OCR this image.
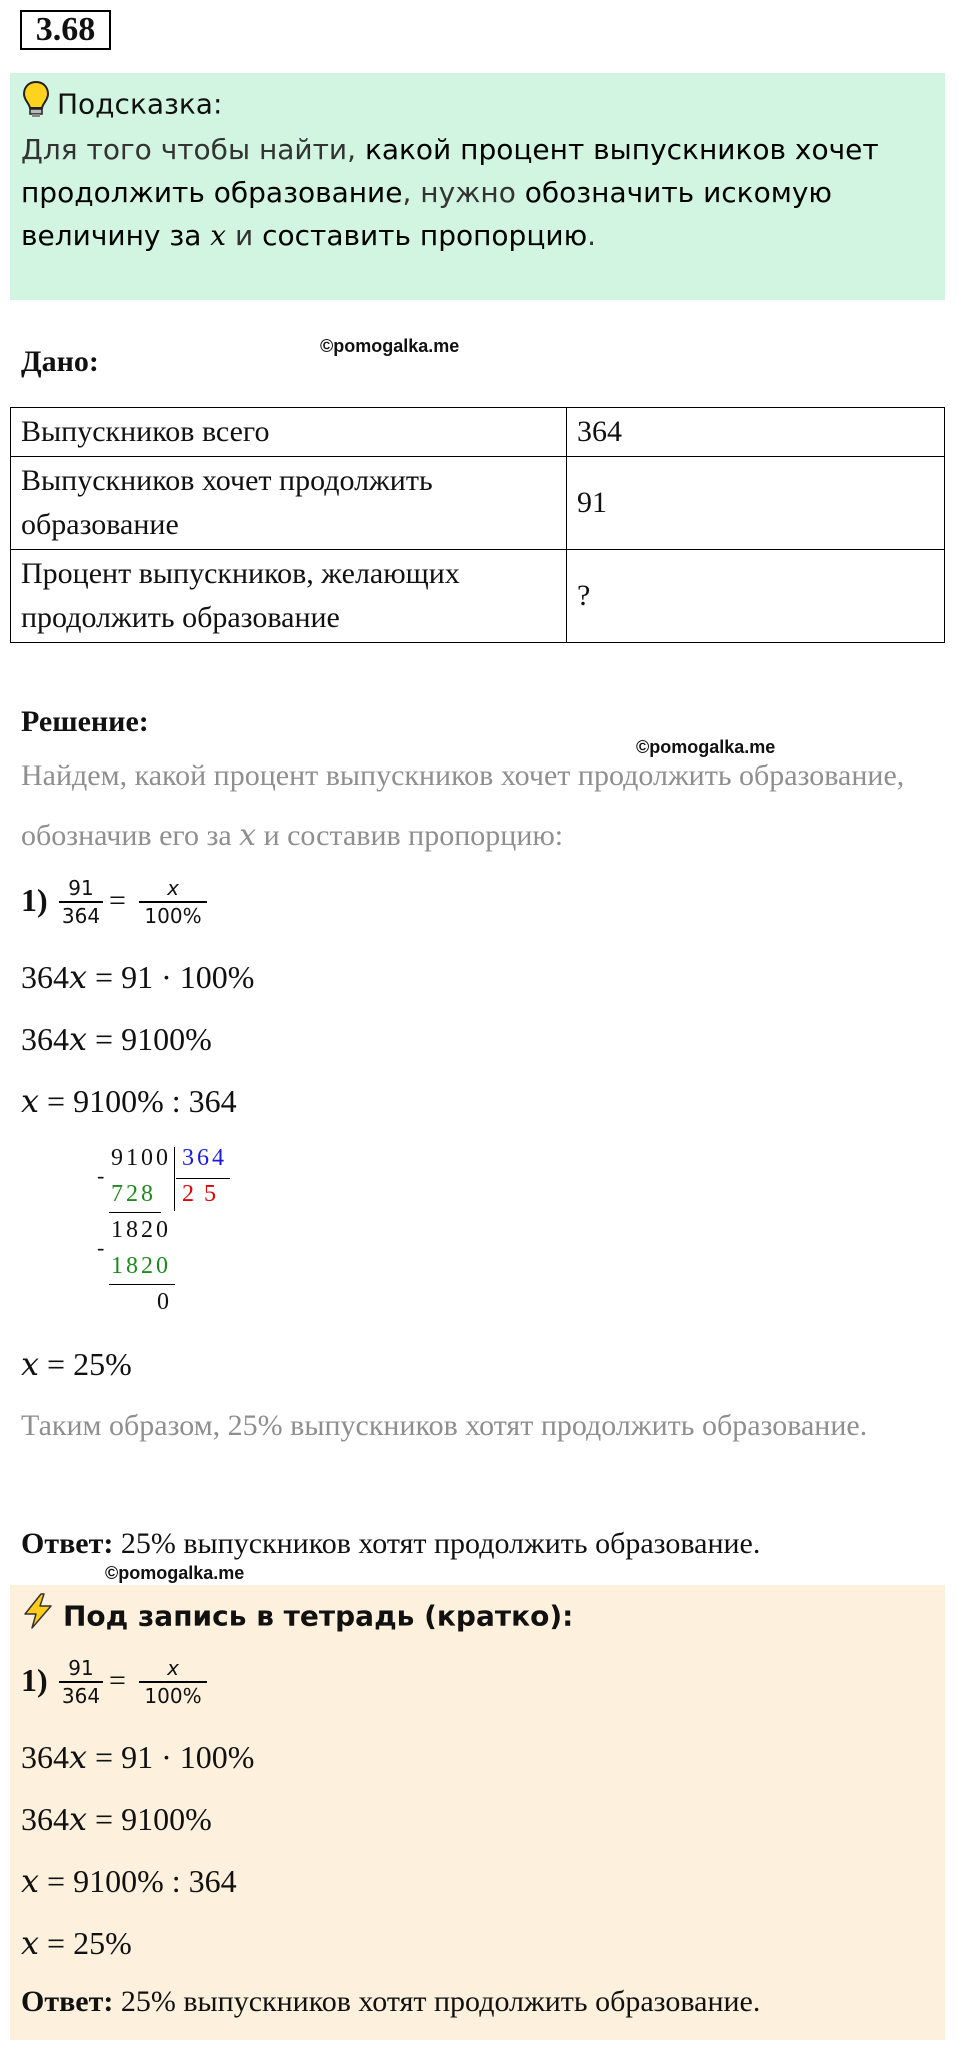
3.68
Подсказка:
Для того чтобы найти, какой процент выпускников хочет продолжить образование, нужно обозначить искомую величину за x и составить пропорцию.
Дано:	©pomogalka.me
Выпускников всего	364
Выпускников хочет продолжить образование	91
Процент выпускников, желающих продолжить образование	?
Решение:
©pomogalka.me
Найдем, какой процент выпускников хочет продолжить образование, обозначив его за x и составив пропорцию:
1)	91
364 =	x
100%
364x = 91 · 100%
364x = 9100%
x = 9100% : 364
9100 364
-
728 25
1820
-
1820
0
x = 25%
Таким образом, 25% выпускников хотят продолжить образование.
Ответ: 25% выпускников хотят продолжить образование.
©pomogalka.me
Под запись в тетрадь (кратко):
1)	91
364 =	x
100%
364x = 91 · 100%
364x = 9100%
x = 9100% : 364
x = 25%
Ответ: 25% выпускников хотят продолжить образование.
